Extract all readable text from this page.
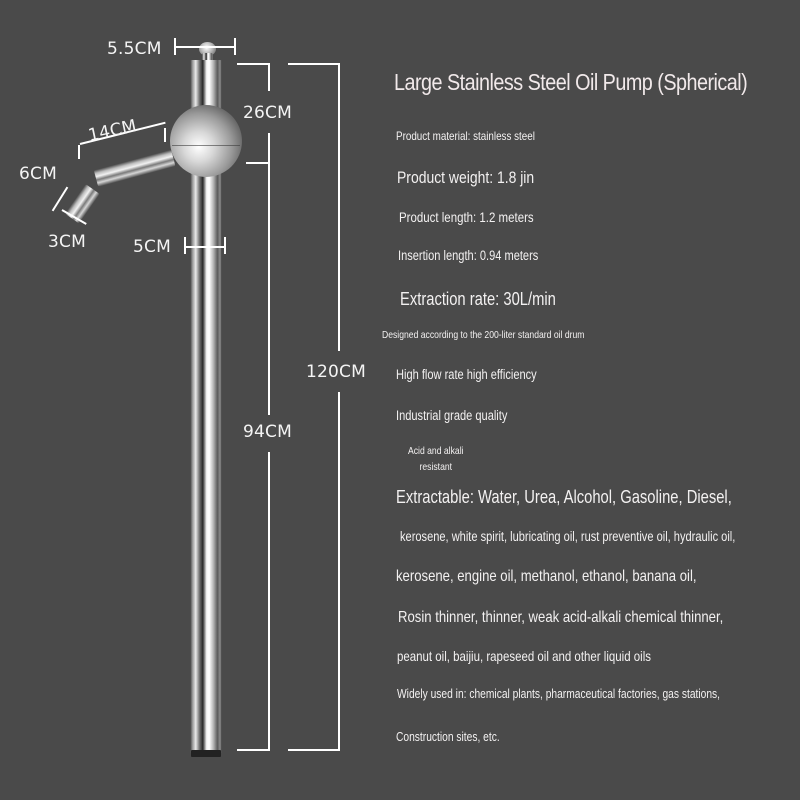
5.5CM
26CM
94CM
120CM
14CM
6CM
3CM	5CM
Large Stainless Steel Oil Pump (Spherical)
Product material: stainless steel
Product weight: 1.8 jin
Product length: 1.2 meters
Insertion length: 0.94 meters
Extraction rate: 30L/min
Designed according to the 200-liter standard oil drum
High flow rate high efficiency
Industrial grade quality
Acid and alkali
resistant
Extractable: Water, Urea, Alcohol, Gasoline, Diesel,
kerosene, white spirit, lubricating oil, rust preventive oil, hydraulic oil,
kerosene, engine oil, methanol, ethanol, banana oil,
Rosin thinner, thinner, weak acid-alkali chemical thinner,
peanut oil, baijiu, rapeseed oil and other liquid oils
Widely used in: chemical plants, pharmaceutical factories, gas stations,
Construction sites, etc.
